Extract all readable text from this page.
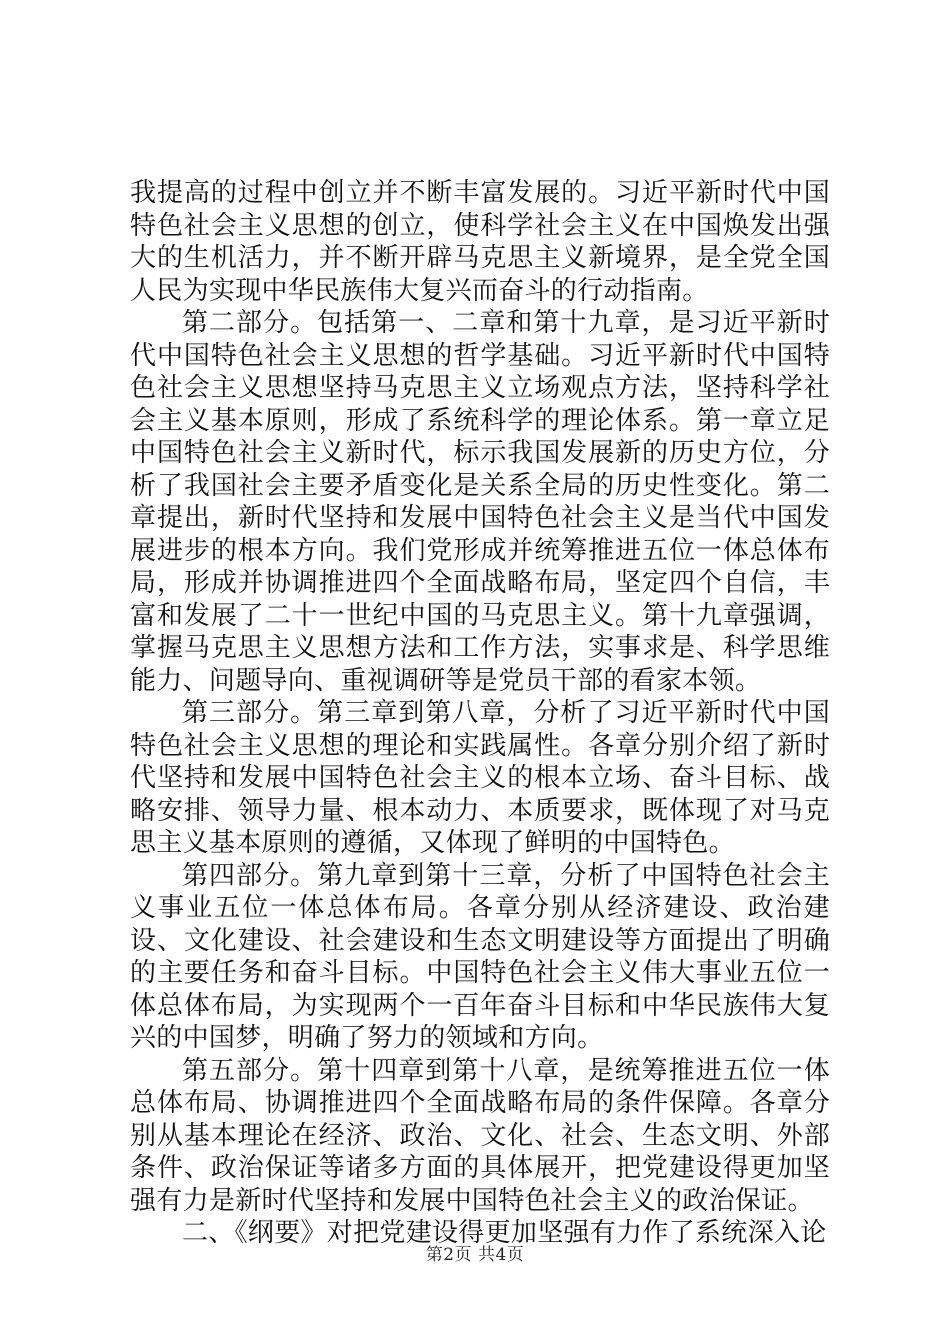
我提高的过程中创立并不断丰富发展的。习近平新时代中国特色社会主义思想的创立，使科学社会主义在中国焕发出强大的生机活力，并不断开辟马克思主义新境界，是全党全国人民为实现中华民族伟大复兴而奋斗的行动指南。

第二部分。包括第一、二章和第十九章，是习近平新时代中国特色社会主义思想的哲学基础。习近平新时代中国特色社会主义思想坚持马克思主义立场观点方法，坚持科学社会主义基本原则，形成了系统科学的理论体系。第一章立足中国特色社会主义新时代，标示我国发展新的历史方位，分析了我国社会主要矛盾变化是关系全局的历史性变化。第二章提出，新时代坚持和发展中国特色社会主义是当代中国发展进步的根本方向。我们党形成并统筹推进五位一体总体布局，形成并协调推进四个全面战略布局，坚定四个自信，丰富和发展了二十一世纪中国的马克思主义。第十九章强调，掌握马克思主义思想方法和工作方法，实事求是、科学思维能力、问题导向、重视调研等是党员干部的看家本领。

第三部分。第三章到第八章，分析了习近平新时代中国特色社会主义思想的理论和实践属性。各章分别介绍了新时代坚持和发展中国特色社会主义的根本立场、奋斗目标、战略安排、领导力量、根本动力、本质要求，既体现了对马克思主义基本原则的遵循，又体现了鲜明的中国特色。

第四部分。第九章到第十三章，分析了中国特色社会主义事业五位一体总体布局。各章分别从经济建设、政治建设、文化建设、社会建设和生态文明建设等方面提出了明确的主要任务和奋斗目标。中国特色社会主义伟大事业五位一体总体布局，为实现两个一百年奋斗目标和中华民族伟大复兴的中国梦，明确了努力的领域和方向。

第五部分。第十四章到第十八章，是统筹推进五位一体总体布局、协调推进四个全面战略布局的条件保障。各章分别从基本理论在经济、政治、文化、社会、生态文明、外部条件、政治保证等诸多方面的具体展开，把党建设得更加坚强有力是新时代坚持和发展中国特色社会主义的政治保证。

二、《纲要》对把党建设得更加坚强有力作了系统深入论

第2页 共4页
